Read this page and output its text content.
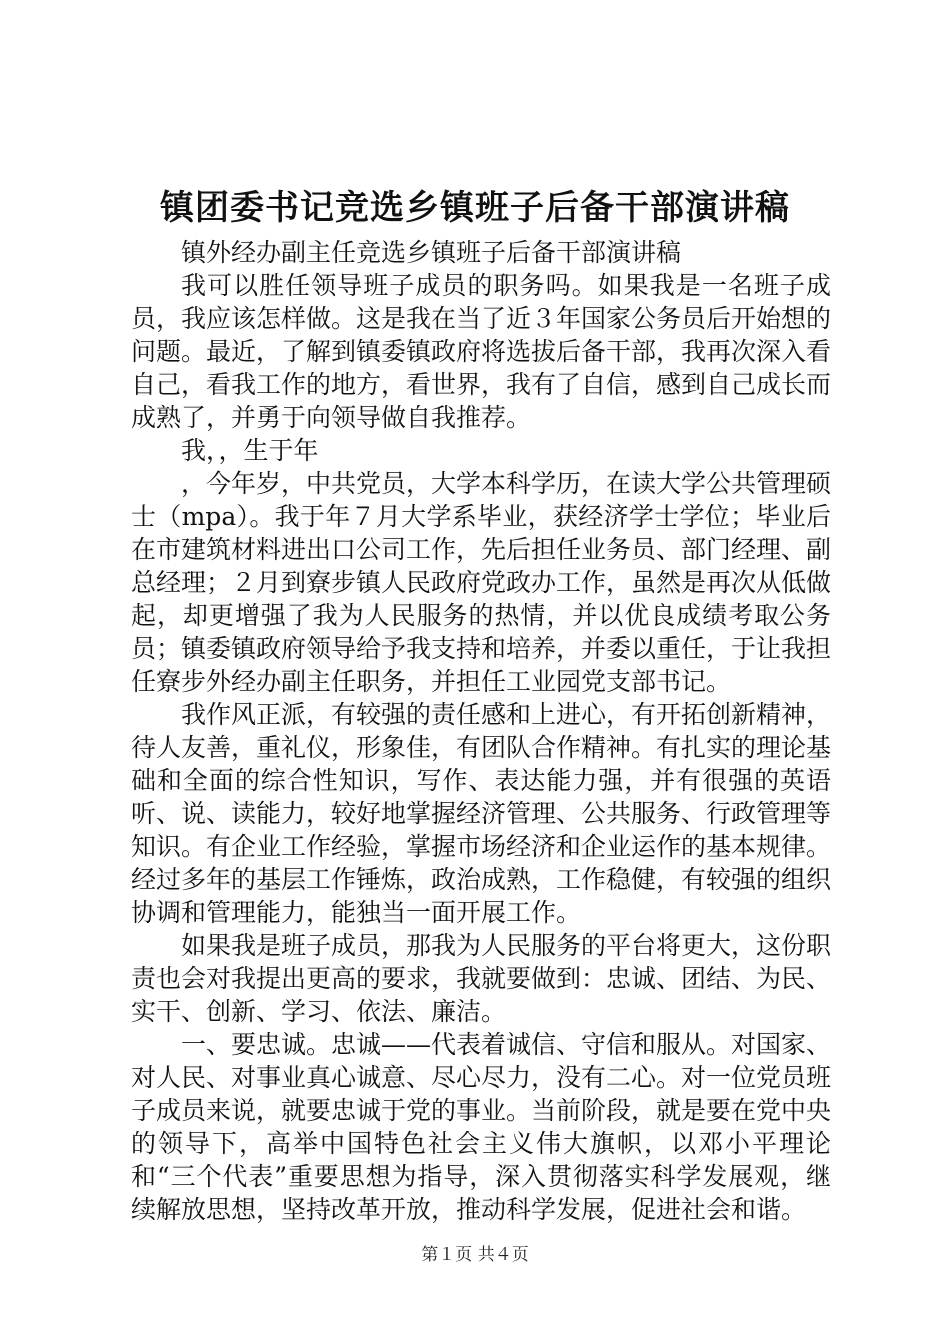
镇团委书记竞选乡镇班子后备干部演讲稿

镇外经办副主任竞选乡镇班子后备干部演讲稿

我可以胜任领导班子成员的职务吗。如果我是一名班子成员，我应该怎样做。这是我在当了近３年国家公务员后开始想的问题。最近，了解到镇委镇政府将选拔后备干部，我再次深入看自己，看我工作的地方，看世界，我有了自信，感到自己成长而成熟了，并勇于向领导做自我推荐。

我，，生于年

，今年岁，中共党员，大学本科学历，在读大学公共管理硕士（mpa）。我于年７月大学系毕业，获经济学士学位；毕业后在市建筑材料进出口公司工作，先后担任业务员、部门经理、副总经理；２月到寮步镇人民政府党政办工作，虽然是再次从低做起，却更增强了我为人民服务的热情，并以优良成绩考取公务员；镇委镇政府领导给予我支持和培养，并委以重任，于让我担任寮步外经办副主任职务，并担任工业园党支部书记。

我作风正派，有较强的责任感和上进心，有开拓创新精神，待人友善，重礼仪，形象佳，有团队合作精神。有扎实的理论基础和全面的综合性知识，写作、表达能力强，并有很强的英语听、说、读能力，较好地掌握经济管理、公共服务、行政管理等知识。有企业工作经验，掌握市场经济和企业运作的基本规律。经过多年的基层工作锤炼，政治成熟，工作稳健，有较强的组织协调和管理能力，能独当一面开展工作。

如果我是班子成员，那我为人民服务的平台将更大，这份职责也会对我提出更高的要求，我就要做到：忠诚、团结、为民、实干、创新、学习、依法、廉洁。

一、要忠诚。忠诚——代表着诚信、守信和服从。对国家、对人民、对事业真心诚意、尽心尽力，没有二心。对一位党员班子成员来说，就要忠诚于党的事业。当前阶段，就是要在党中央的领导下，高举中国特色社会主义伟大旗帜，以邓小平理论和“三个代表”重要思想为指导，深入贯彻落实科学发展观，继续解放思想，坚持改革开放，推动科学发展，促进社会和谐。

第１页 共４页
